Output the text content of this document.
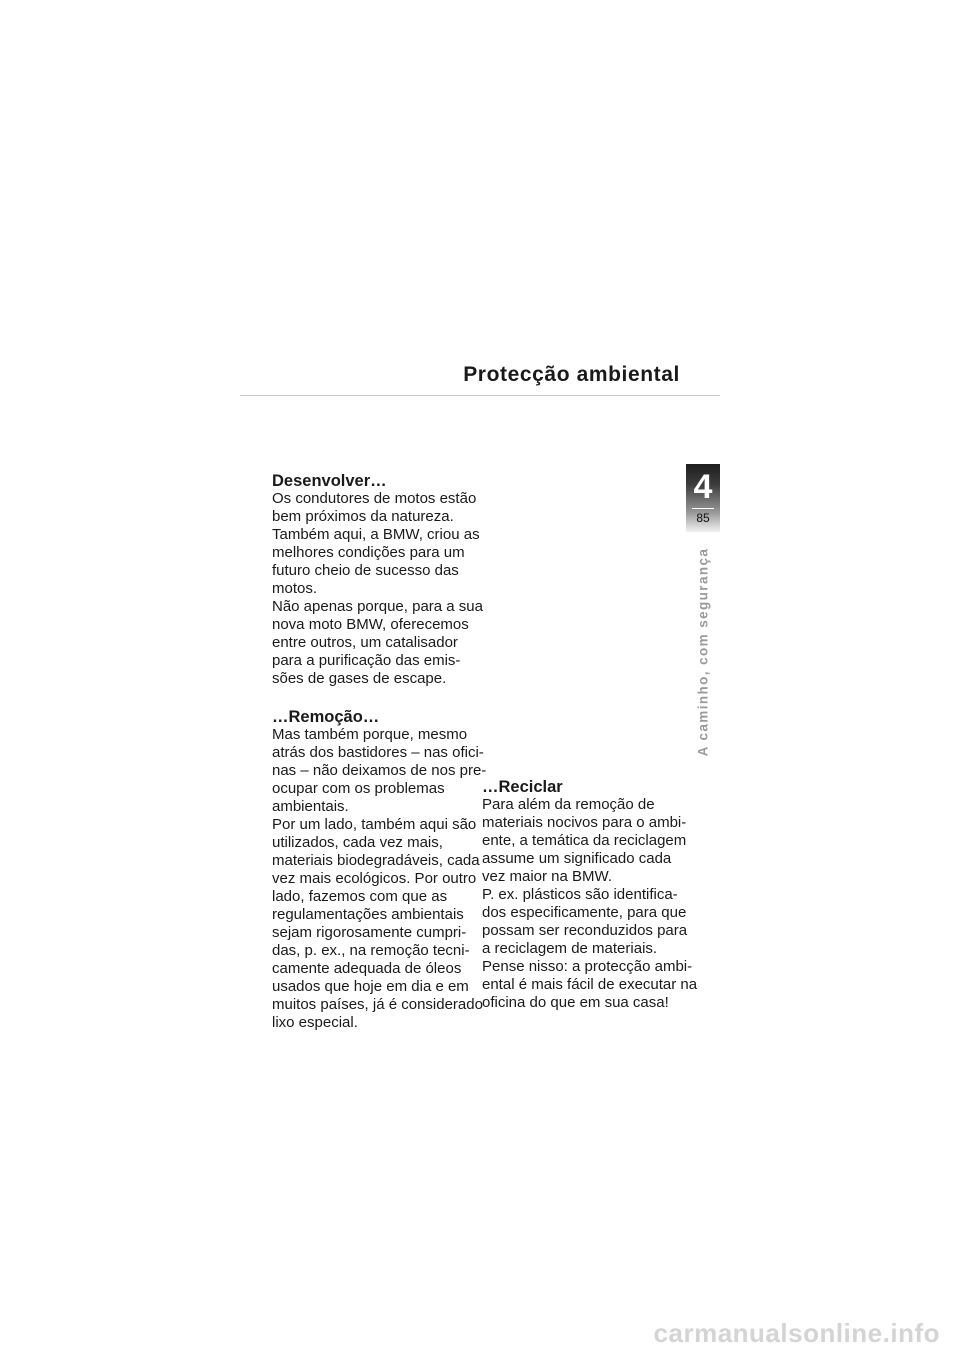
Protecção ambiental
Desenvolver…
Os condutores de motos estão
bem próximos da natureza.
Também aqui, a BMW, criou as
melhores condições para um
futuro cheio de sucesso das
motos.
Não apenas porque, para a sua
nova moto BMW, oferecemos
entre outros, um catalisador
para a purificação das emis-
sões de gases de escape.
…Remoção…
Mas também porque, mesmo
atrás dos bastidores – nas ofici-
nas – não deixamos de nos pre-
ocupar com os problemas
ambientais.
Por um lado, também aqui são
utilizados, cada vez mais,
materiais biodegradáveis, cada
vez mais ecológicos. Por outro
lado, fazemos com que as
regulamentações ambientais
sejam rigorosamente cumpri-
das, p. ex., na remoção tecni-
camente adequada de óleos
usados que hoje em dia e em
muitos países, já é considerado
lixo especial.
…Reciclar
Para além da remoção de
materiais nocivos para o ambi-
ente, a temática da reciclagem
assume um significado cada
vez maior na BMW.
P. ex. plásticos são identifica-
dos especificamente, para que
possam ser reconduzidos para
a reciclagem de materiais.
Pense nisso: a protecção ambi-
ental é mais fácil de executar na
oficina do que em sua casa!
4
85
A caminho, com segurança
carmanualsonline.info
